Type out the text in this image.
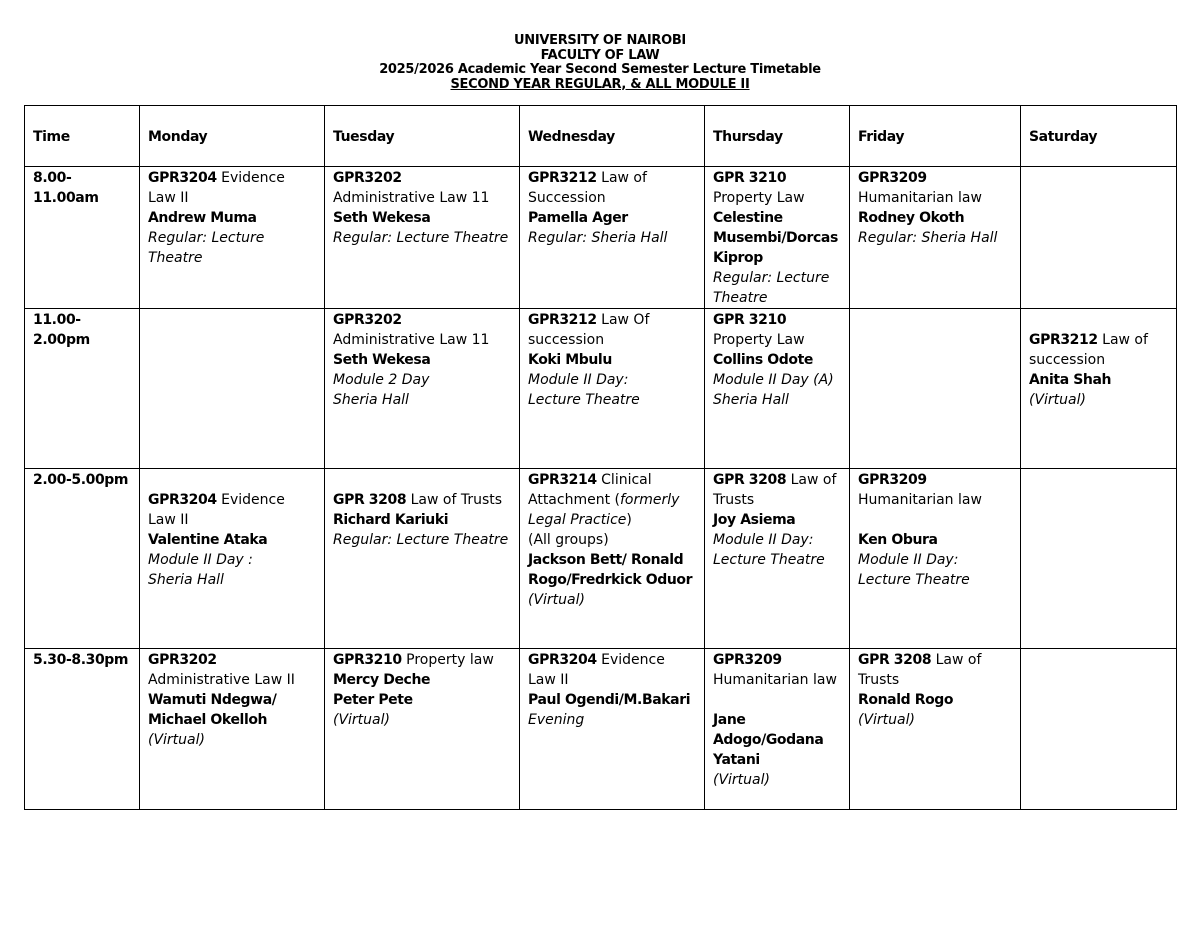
UNIVERSITY OF NAIROBI
FACULTY OF LAW
2025/2026 Academic Year Second Semester Lecture Timetable
SECOND YEAR REGULAR, & ALL MODULE II
Time	Monday	Tuesday	Wednesday	Thursday	Friday	Saturday
8.00-
11.00am	GPR3204 Evidence Law II
Andrew Muma
Regular: Lecture Theatre	GPR3202
Administrative Law 11
Seth Wekesa
Regular: Lecture Theatre	GPR3212 Law of Succession
Pamella Ager
Regular: Sheria Hall	GPR 3210
Property Law
Celestine Musembi/Dorcas Kiprop
Regular: Lecture Theatre	GPR3209
Humanitarian law
Rodney Okoth
Regular: Sheria Hall	

11.00-
2.00pm		GPR3202
Administrative Law 11
Seth Wekesa
Module 2 Day
Sheria Hall	GPR3212 Law Of succession
Koki Mbulu
Module II Day:
Lecture Theatre	GPR 3210
Property Law
Collins Odote
Module II Day (A)
Sheria Hall		GPR3212 Law of succession
Anita Shah
(Virtual)

2.00-5.00pm	GPR3204 Evidence Law II
Valentine Ataka
Module II Day :
Sheria Hall	GPR 3208 Law of Trusts
Richard Kariuki
Regular: Lecture Theatre	GPR3214 Clinical Attachment (formerly Legal Practice)
(All groups)
Jackson Bett/ Ronald Rogo/Fredrkick Oduor
(Virtual)	GPR 3208 Law of Trusts
Joy Asiema
Module II Day:
Lecture Theatre	GPR3209
Humanitarian law
Ken Obura
Module II Day:
Lecture Theatre	

5.30-8.30pm	GPR3202
Administrative Law II
Wamuti Ndegwa/ Michael Okelloh
(Virtual)	GPR3210 Property law
Mercy Deche
Peter Pete
(Virtual)	GPR3204 Evidence Law II
Paul Ogendi/M.Bakari
Evening	GPR3209
Humanitarian law
Jane Adogo/Godana Yatani
(Virtual)	GPR 3208 Law of Trusts
Ronald Rogo
(Virtual)	
